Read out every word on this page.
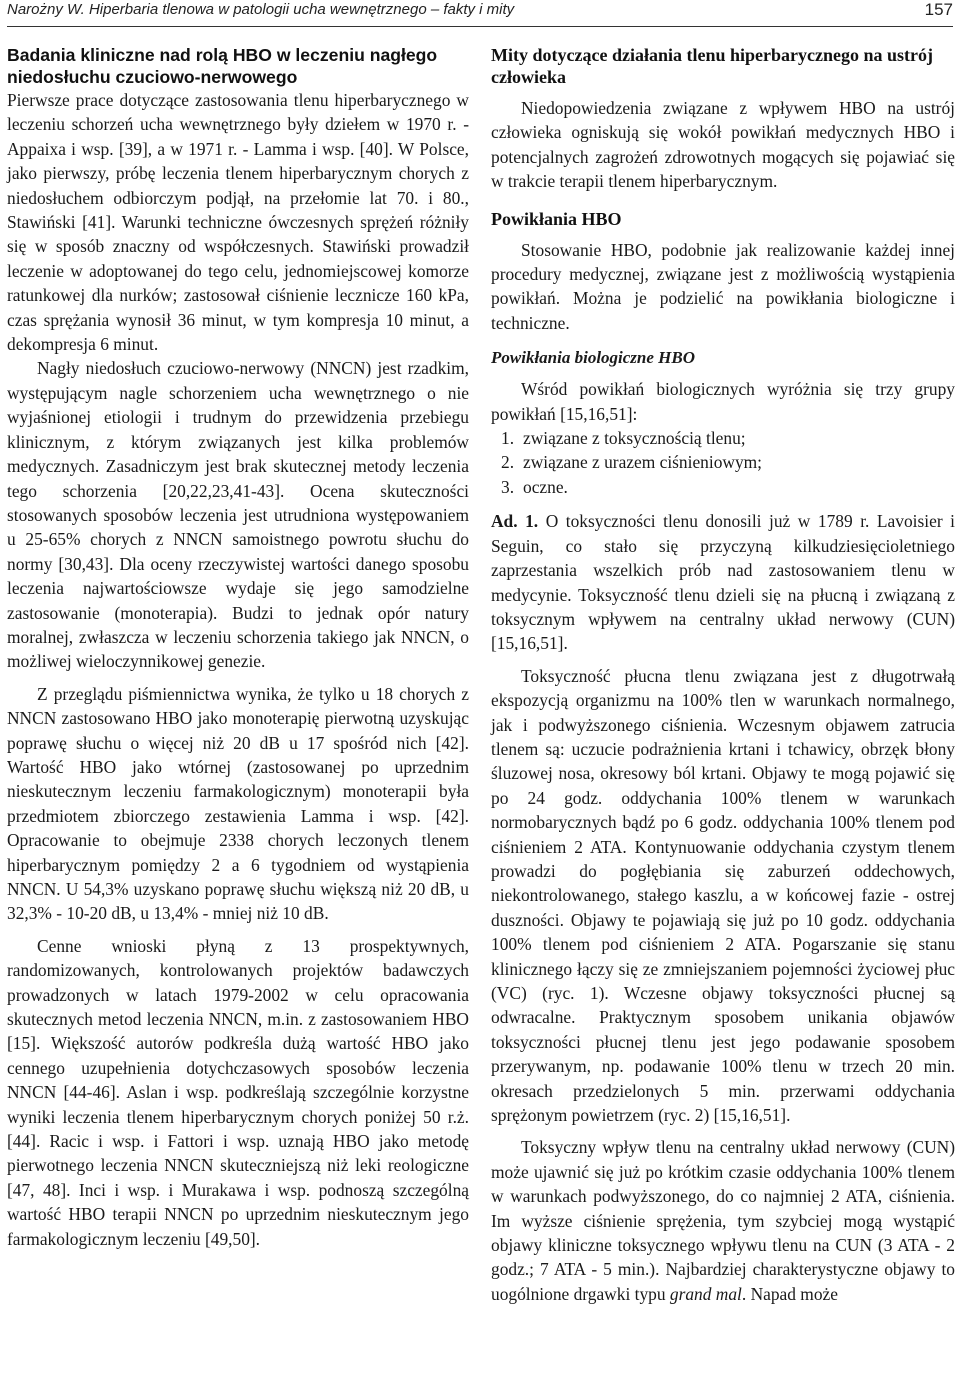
Narożny W. Hiperbaria tlenowa w patologii ucha wewnętrznego – fakty i mity	157
Badania kliniczne nad rolą HBO w leczeniu nagłego niedosłuchu czuciowo-nerwowego

Pierwsze prace dotyczące zastosowania tlenu hiperbarycznego w leczeniu schorzeń ucha wewnętrznego były dziełem w 1970 r. - Appaixa i wsp. [39], a w 1971 r. - Lamma i wsp. [40]. W Polsce, jako pierwszy, próbę leczenia tlenem hiperbarycznym chorych z niedosłuchem odbiorczym podjął, na przełomie lat 70. i 80., Stawiński [41]. Warunki techniczne ówczesnych sprężeń różniły się w sposób znaczny od współczesnych. Stawiński prowadził leczenie w adoptowanej do tego celu, jednomiejscowej komorze ratunkowej dla nurków; zastosował ciśnienie lecznicze 160 kPa, czas sprężania wynosił 36 minut, w tym kompresja 10 minut, a dekompresja 6 minut.

Nagły niedosłuch czuciowo-nerwowy (NNCN) jest rzadkim, występującym nagle schorzeniem ucha wewnętrznego o nie wyjaśnionej etiologii i trudnym do przewidzenia przebiegu klinicznym, z którym związanych jest kilka problemów medycznych. Zasadniczym jest brak skutecznej metody leczenia tego schorzenia [20,22,23,41-43]. Ocena skuteczności stosowanych sposobów leczenia jest utrudniona występowaniem u 25-65% chorych z NNCN samoistnego powrotu słuchu do normy [30,43]. Dla oceny rzeczywistej wartości danego sposobu leczenia najwartościowsze wydaje się jego samodzielne zastosowanie (monoterapia). Budzi to jednak opór natury moralnej, zwłaszcza w leczeniu schorzenia takiego jak NNCN, o możliwej wieloczynnikowej genezie.

Z przeglądu piśmiennictwa wynika, że tylko u 18 chorych z NNCN zastosowano HBO jako monoterapię pierwotną uzyskując poprawę słuchu o więcej niż 20 dB u 17 spośród nich [42]. Wartość HBO jako wtórnej (zastosowanej po uprzednim nieskutecznym leczeniu farmakologicznym) monoterapii była przedmiotem zbiorczego zestawienia Lamma i wsp. [42]. Opracowanie to obejmuje 2338 chorych leczonych tlenem hiperbarycznym pomiędzy 2 a 6 tygodniem od wystąpienia NNCN. U 54,3% uzyskano poprawę słuchu większą niż 20 dB, u 32,3% - 10-20 dB, u 13,4% - mniej niż 10 dB.

Cenne wnioski płyną z 13 prospektywnych, randomizowanych, kontrolowanych projektów badawczych prowadzonych w latach 1979-2002 w celu opracowania skutecznych metod leczenia NNCN, m.in. z zastosowaniem HBO [15]. Większość autorów podkreśla dużą wartość HBO jako cennego uzupełnienia dotychczasowych sposobów leczenia NNCN [44-46]. Aslan i wsp. podkreślają szczególnie korzystne wyniki leczenia tlenem hiperbarycznym chorych poniżej 50 r.ż. [44]. Racic i wsp. i Fattori i wsp. uznają HBO jako metodę pierwotnego leczenia NNCN skuteczniejszą niż leki reologiczne [47, 48]. Inci i wsp. i Murakawa i wsp. podnoszą szczególną wartość HBO terapii NNCN po uprzednim nieskutecznym jego farmakologicznym leczeniu [49,50].

Mity dotyczące działania tlenu hiperbarycznego na ustrój człowieka

Niedopowiedzenia związane z wpływem HBO na ustrój człowieka ogniskują się wokół powikłań medycznych HBO i potencjalnych zagrożeń zdrowotnych mogących się pojawiać się w trakcie terapii tlenem hiperbarycznym.

Powikłania HBO

Stosowanie HBO, podobnie jak realizowanie każdej innej procedury medycznej, związane jest z możliwością wystąpienia powikłań. Można je podzielić na powikłania biologiczne i techniczne.

Powikłania biologiczne HBO

Wśród powikłań biologicznych wyróżnia się trzy grupy powikłań [15,16,51]:

1. związane z toksycznością tlenu;
2. związane z urazem ciśnieniowym;
3. oczne.

Ad. 1. O toksyczności tlenu donosili już w 1789 r. Lavoisier i Seguin, co stało się przyczyną kilkudziesięcioletniego zaprzestania wszelkich prób nad zastosowaniem tlenu w medycynie. Toksyczność tlenu dzieli się na płucną i związaną z toksycznym wpływem na centralny układ nerwowy (CUN) [15,16,51].

Toksyczność płucna tlenu związana jest z długotrwałą ekspozycją organizmu na 100% tlen w warunkach normalnego, jak i podwyższonego ciśnienia. Wczesnym objawem zatrucia tlenem są: uczucie podrażnienia krtani i tchawicy, obrzęk błony śluzowej nosa, okresowy ból krtani. Objawy te mogą pojawić się po 24 godz. oddychania 100% tlenem w warunkach normobarycznych bądź po 6 godz. oddychania 100% tlenem pod ciśnieniem 2 ATA. Kontynuowanie oddychania czystym tlenem prowadzi do pogłębiania się zaburzeń oddechowych, niekontrolowanego, stałego kaszlu, a w końcowej fazie - ostrej duszności. Objawy te pojawiają się już po 10 godz. oddychania 100% tlenem pod ciśnieniem 2 ATA. Pogarszanie się stanu klinicznego łączy się ze zmniejszaniem pojemności życiowej płuc (VC) (ryc. 1). Wczesne objawy toksyczności płucnej są odwracalne. Praktycznym sposobem unikania objawów toksyczności płucnej tlenu jest jego podawanie sposobem przerywanym, np. podawanie 100% tlenu w trzech 20 min. okresach przedzielonych 5 min. przerwami oddychania sprężonym powietrzem (ryc. 2) [15,16,51].

Toksyczny wpływ tlenu na centralny układ nerwowy (CUN) może ujawnić się już po krótkim czasie oddychania 100% tlenem w warunkach podwyższonego, do co najmniej 2 ATA, ciśnienia. Im wyższe ciśnienie sprężenia, tym szybciej mogą wystąpić objawy kliniczne toksycznego wpływu tlenu na CUN (3 ATA - 2 godz.; 7 ATA - 5 min.). Najbardziej charakterystyczne objawy to uogólnione drgawki typu grand mal. Napad może
